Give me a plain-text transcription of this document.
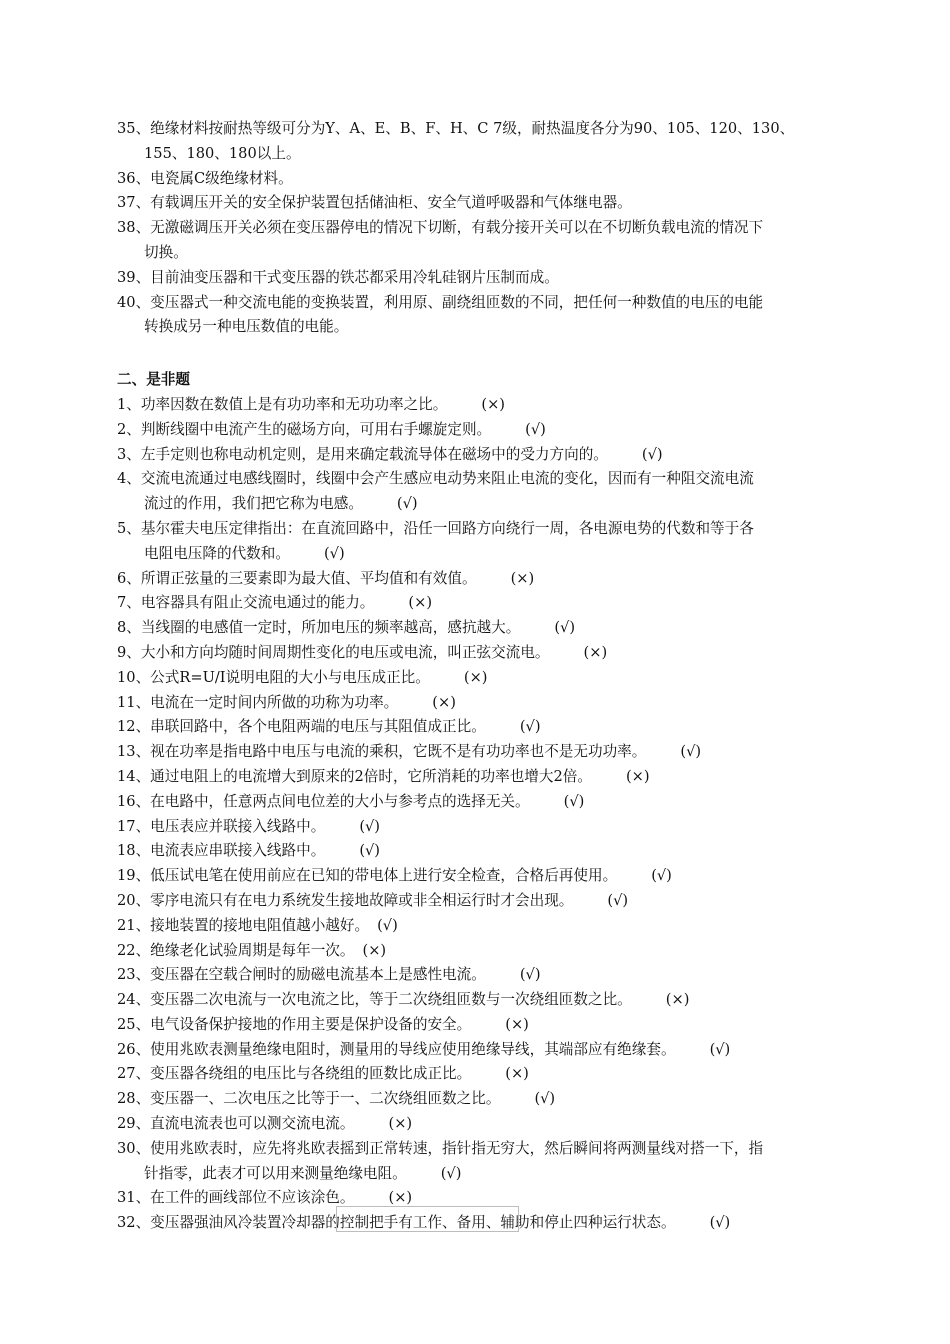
35、绝缘材料按耐热等级可分为Y、A、E、B、F、H、C 7级，耐热温度各分为90、105、120、130、
155、180、180以上。
36、电瓷属C级绝缘材料。
37、有载调压开关的安全保护装置包括储油柜、安全气道呼吸器和气体继电器。
38、无激磁调压开关必须在变压器停电的情况下切断，有载分接开关可以在不切断负载电流的情况下
切换。
39、目前油变压器和干式变压器的铁芯都采用冷轧硅钢片压制而成。
40、变压器式一种交流电能的变换装置，利用原、副绕组匝数的不同，把任何一种数值的电压的电能
转换成另一种电压数值的电能。
二、是非题
1、功率因数在数值上是有功功率和无功功率之比。 (×)
2、判断线圈中电流产生的磁场方向，可用右手螺旋定则。 (√)
3、左手定则也称电动机定则，是用来确定载流导体在磁场中的受力方向的。 (√)
4、交流电流通过电感线圈时，线圈中会产生感应电动势来阻止电流的变化，因而有一种阻交流电流
流过的作用，我们把它称为电感。 (√)
5、基尔霍夫电压定律指出：在直流回路中，沿任一回路方向绕行一周，各电源电势的代数和等于各
电阻电压降的代数和。 (√)
6、所谓正弦量的三要素即为最大值、平均值和有效值。 (×)
7、电容器具有阻止交流电通过的能力。 (×)
8、当线圈的电感值一定时，所加电压的频率越高，感抗越大。 (√)
9、大小和方向均随时间周期性变化的电压或电流，叫正弦交流电。 (×)
10、公式R=U/I说明电阻的大小与电压成正比。 (×)
11、电流在一定时间内所做的功称为功率。 (×)
12、串联回路中，各个电阻两端的电压与其阻值成正比。 (√)
13、视在功率是指电路中电压与电流的乘积，它既不是有功功率也不是无功功率。 (√)
14、通过电阻上的电流增大到原来的2倍时，它所消耗的功率也增大2倍。 (×)
16、在电路中，任意两点间电位差的大小与参考点的选择无关。 (√)
17、电压表应并联接入线路中。 (√)
18、电流表应串联接入线路中。 (√)
19、低压试电笔在使用前应在已知的带电体上进行安全检查，合格后再使用。 (√)
20、零序电流只有在电力系统发生接地故障或非全相运行时才会出现。 (√)
21、接地装置的接地电阻值越小越好。 (√)
22、绝缘老化试验周期是每年一次。 (×)
23、变压器在空载合闸时的励磁电流基本上是感性电流。 (√)
24、变压器二次电流与一次电流之比，等于二次绕组匝数与一次绕组匝数之比。 (×)
25、电气设备保护接地的作用主要是保护设备的安全。 (×)
26、使用兆欧表测量绝缘电阻时，测量用的导线应使用绝缘导线，其端部应有绝缘套。 (√)
27、变压器各绕组的电压比与各绕组的匝数比成正比。 (×)
28、变压器一、二次电压之比等于一、二次绕组匝数之比。 (√)
29、直流电流表也可以测交流电流。 (×)
30、使用兆欧表时，应先将兆欧表摇到正常转速，指针指无穷大，然后瞬间将两测量线对搭一下，指
针指零，此表才可以用来测量绝缘电阻。 (√)
31、在工件的画线部位不应该涂色。 (×)
32、变压器强油风冷装置冷却器的控制把手有工作、备用、辅助和停止四种运行状态。 (√)
